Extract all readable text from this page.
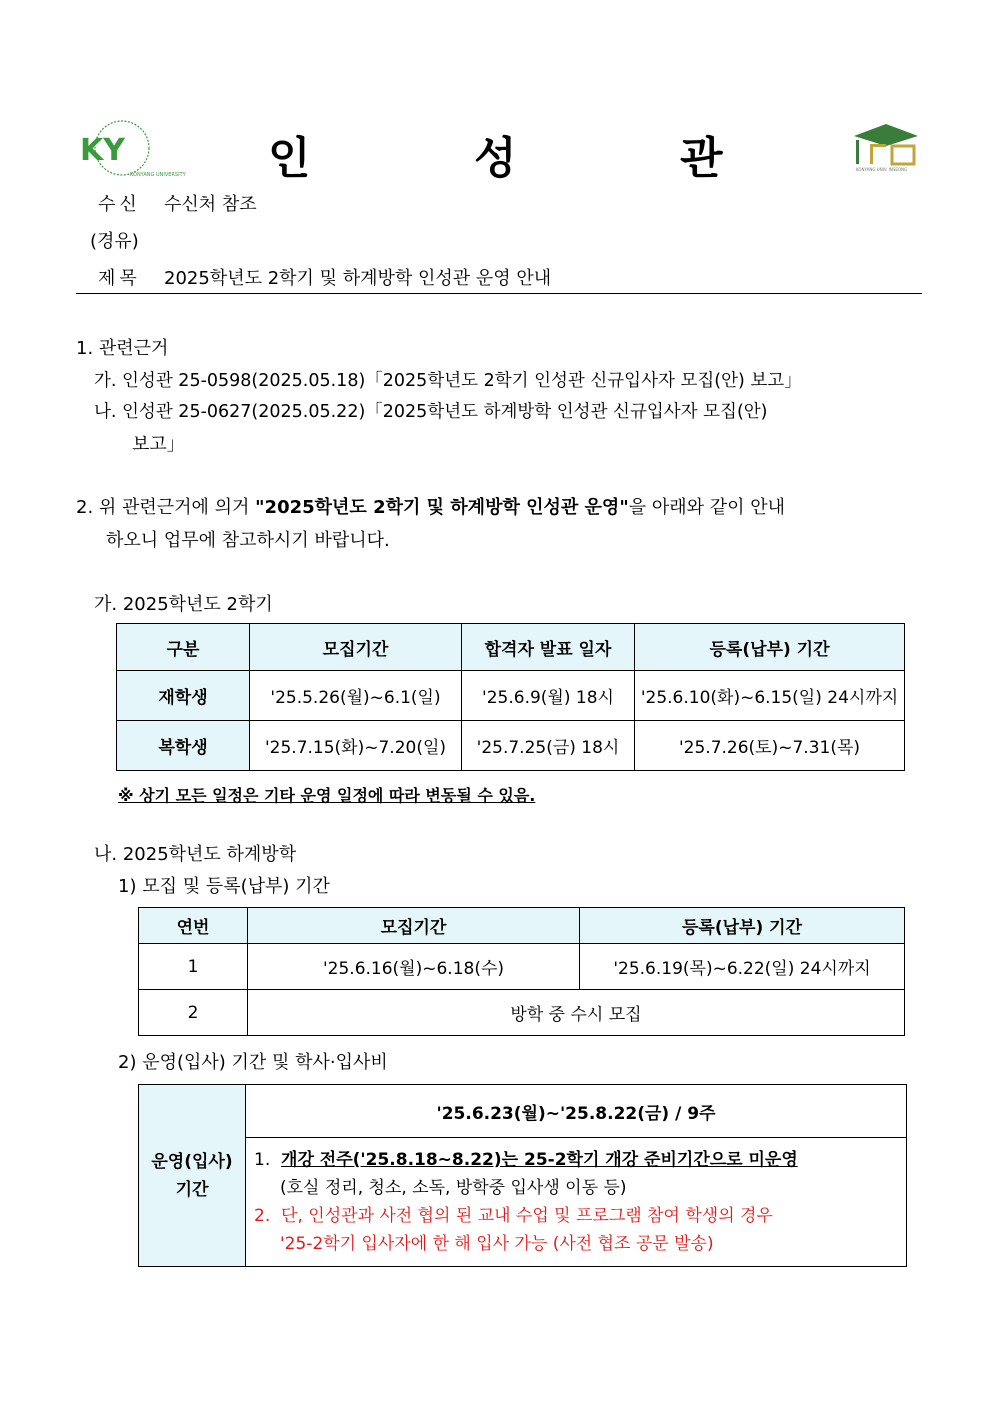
KY
KONYANG UNIVERSITY 인	성	관	KONYANG UNIV. INSEONG
수신 수신처 참조
(경유)
제목 2025학년도 2학기 및 하계방학 인성관 운영 안내
1. 관련근거
가. 인성관 25-0598(2025.05.18)「2025학년도 2학기 인성관 신규입사자 모집(안) 보고」
나. 인성관 25-0627(2025.05.22)「2025학년도 하계방학 인성관 신규입사자 모집(안)
보고」
2. 위 관련근거에 의거 "2025학년도 2학기 및 하계방학 인성관 운영"을 아래와 같이 안내
하오니 업무에 참고하시기 바랍니다.
가. 2025학년도 2학기
구분	모집기간	합격자 발표 일자	등록(납부) 기간
재학생	'25.5.26(월)~6.1(일)	'25.6.9(월) 18시	'25.6.10(화)~6.15(일) 24시까지
복학생	'25.7.15(화)~7.20(일)	'25.7.25(금) 18시	'25.7.26(토)~7.31(목)
※ 상기 모든 일정은 기타 운영 일정에 따라 변동될 수 있음.
나. 2025학년도 하계방학
1) 모집 및 등록(납부) 기간
연번	모집기간	등록(납부) 기간
1	'25.6.16(월)~6.18(수)	'25.6.19(목)~6.22(일) 24시까지
2	방학 중 수시 모집	
2) 운영(입사) 기간 및 학사·입사비
운영(입사)
기간
	'25.6.23(월)~'25.8.22(금) / 9주

1. 개강 전주('25.8.18~8.22)는 25-2학기 개강 준비기간으로 미운영
(호실 정리, 청소, 소독, 방학중 입사생 이동 등)
2. 단, 인성관과 사전 협의 된 교내 수업 및 프로그램 참여 학생의 경우
'25-2학기 입사자에 한 해 입사 가능 (사전 협조 공문 발송)
